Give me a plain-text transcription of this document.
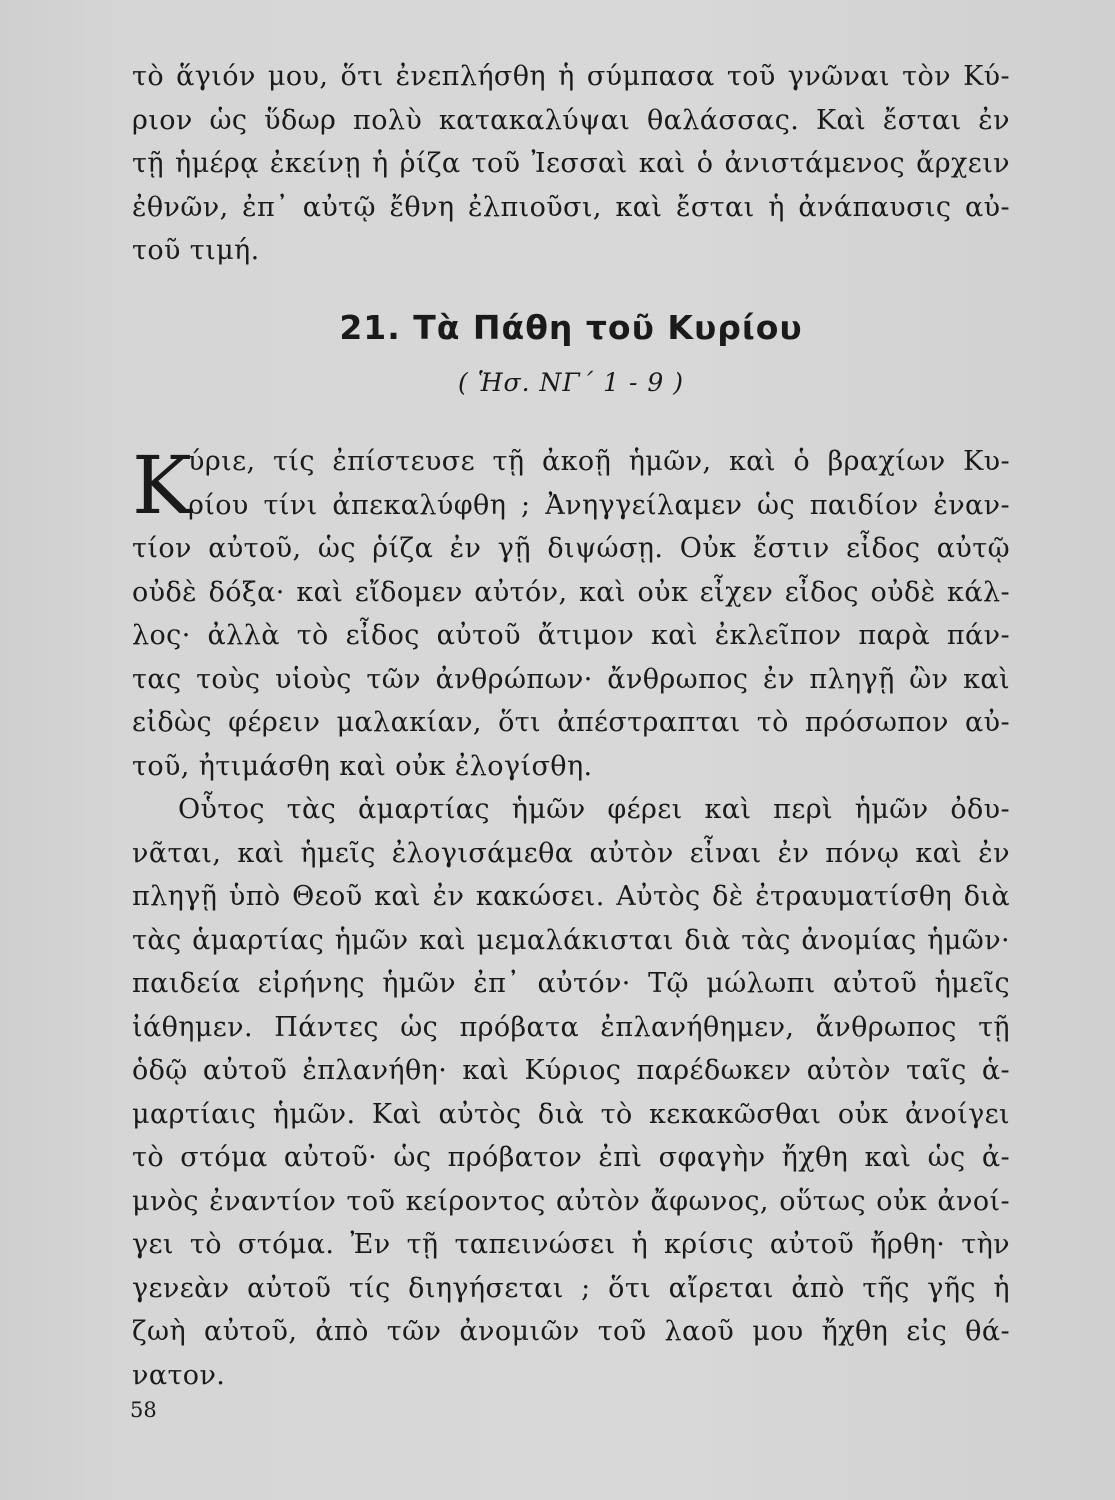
τὸ ἅγιόν μου, ὅτι ἐνεπλήσθη ἡ σύμπασα τοῦ γνῶναι τὸν Κύ-
ριον ὡς ὕδωρ πολὺ κατακαλύψαι θαλάσσας. Καὶ ἔσται ἐν
τῇ ἡμέρᾳ ἐκείνῃ ἡ ῥίζα τοῦ Ἰεσσαὶ καὶ ὁ ἀνιστάμενος ἄρχειν
ἐθνῶν, ἐπ᾿ αὐτῷ ἔθνη ἐλπιοῦσι, καὶ ἔσται ἡ ἀνάπαυσις αὐ-
τοῦ τιμή.
21. Τὰ Πάθη τοῦ Κυρίου
( Ἡσ. ΝΓ΄ 1 - 9 )
Κ
ύριε, τίς ἐπίστευσε τῇ ἀκοῇ ἡμῶν, καὶ ὁ βραχίων Κυ-
ρίου τίνι ἀπεκαλύφθη ; Ἀνηγγείλαμεν ὡς παιδίον ἐναν-
τίον αὐτοῦ, ὡς ῥίζα ἐν γῇ διψώσῃ. Οὐκ ἔστιν εἶδος αὐτῷ
οὐδὲ δόξα· καὶ εἴδομεν αὐτόν, καὶ οὐκ εἶχεν εἶδος οὐδὲ κάλ-
λος· ἀλλὰ τὸ εἶδος αὐτοῦ ἄτιμον καὶ ἐκλεῖπον παρὰ πάν-
τας τοὺς υἱοὺς τῶν ἀνθρώπων· ἄνθρωπος ἐν πληγῇ ὢν καὶ
εἰδὼς φέρειν μαλακίαν, ὅτι ἀπέστραπται τὸ πρόσωπον αὐ-
τοῦ, ἠτιμάσθη καὶ οὐκ ἐλογίσθη.
Οὗτος τὰς ἁμαρτίας ἡμῶν φέρει καὶ περὶ ἡμῶν ὀδυ-
νᾶται, καὶ ἡμεῖς ἐλογισάμεθα αὐτὸν εἶναι ἐν πόνῳ καὶ ἐν
πληγῇ ὑπὸ Θεοῦ καὶ ἐν κακώσει. Αὐτὸς δὲ ἐτραυματίσθη διὰ
τὰς ἁμαρτίας ἡμῶν καὶ μεμαλάκισται διὰ τὰς ἀνομίας ἡμῶν·
παιδεία εἰρήνης ἡμῶν ἐπ᾿ αὐτόν· Τῷ μώλωπι αὐτοῦ ἡμεῖς
ἰάθημεν. Πάντες ὡς πρόβατα ἐπλανήθημεν, ἄνθρωπος τῇ
ὁδῷ αὐτοῦ ἐπλανήθη· καὶ Κύριος παρέδωκεν αὐτὸν ταῖς ἁ-
μαρτίαις ἡμῶν. Καὶ αὐτὸς διὰ τὸ κεκακῶσθαι οὐκ ἀνοίγει
τὸ στόμα αὐτοῦ· ὡς πρόβατον ἐπὶ σφαγὴν ἤχθη καὶ ὡς ἀ-
μνὸς ἐναντίον τοῦ κείροντος αὐτὸν ἄφωνος, οὕτως οὐκ ἀνοί-
γει τὸ στόμα. Ἐν τῇ ταπεινώσει ἡ κρίσις αὐτοῦ ἤρθη· τὴν
γενεὰν αὐτοῦ τίς διηγήσεται ; ὅτι αἴρεται ἀπὸ τῆς γῆς ἡ
ζωὴ αὐτοῦ, ἀπὸ τῶν ἀνομιῶν τοῦ λαοῦ μου ἤχθη εἰς θά-
νατον.
58
